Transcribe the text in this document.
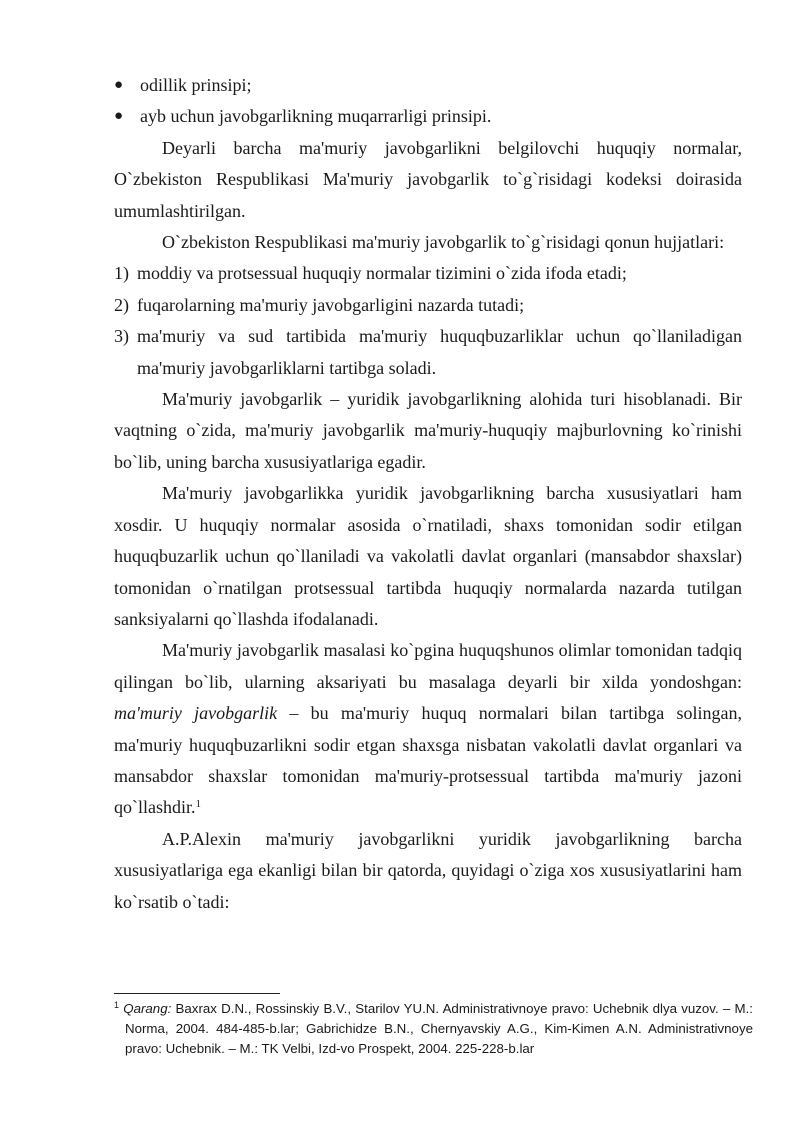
● odillik prinsipi;
● ayb uchun javobgarlikning muqarrarligi prinsipi.

Deyarli barcha ma'muriy javobgarlikni belgilovchi huquqiy normalar, O`zbekiston Respublikasi Ma'muriy javobgarlik to`g`risidagi kodeksi doirasida umumlashtirilgan.

O`zbekiston Respublikasi ma'muriy javobgarlik to`g`risidagi qonun hujjatlari:

1) moddiy va protsessual huquqiy normalar tizimini o`zida ifoda etadi;

2) fuqarolarning ma'muriy javobgarligini nazarda tutadi;

3) ma'muriy va sud tartibida ma'muriy huquqbuzarliklar uchun qo`llaniladigan ma'muriy javobgarliklarni tartibga soladi.

Ma'muriy javobgarlik – yuridik javobgarlikning alohida turi hisoblanadi. Bir vaqtning o`zida, ma'muriy javobgarlik ma'muriy-huquqiy majburlovning ko`rinishi bo`lib, uning barcha xususiyatlariga egadir.

Ma'muriy javobgarlikka yuridik javobgarlikning barcha xususiyatlari ham xosdir. U huquqiy normalar asosida o`rnatiladi, shaxs tomonidan sodir etilgan huquqbuzarlik uchun qo`llaniladi va vakolatli davlat organlari (mansabdor shaxslar) tomonidan o`rnatilgan protsessual tartibda huquqiy normalarda nazarda tutilgan sanksiyalarni qo`llashda ifodalanadi.

Ma'muriy javobgarlik masalasi ko`pgina huquqshunos olimlar tomonidan tadqiq qilingan bo`lib, ularning aksariyati bu masalaga deyarli bir xilda yondoshgan: ma'muriy javobgarlik – bu ma'muriy huquq normalari bilan tartibga solingan, ma'muriy huquqbuzarlikni sodir etgan shaxsga nisbatan vakolatli davlat organlari va mansabdor shaxslar tomonidan ma'muriy-protsessual tartibda ma'muriy jazoni qo`llashdir.$^1$

A.P.Alexin ma'muriy javobgarlikni yuridik javobgarlikning barcha xususiyatlariga ega ekanligi bilan bir qatorda, quyidagi o`ziga xos xususiyatlarini ham ko`rsatib o`tadi:

$^1$ Qarang: Baxrax D.N., Rossinskiy B.V., Starilov YU.N. Administrativnoye pravo: Uchebnik dlya vuzov. – M.: Norma, 2004. 484-485-b.lar; Gabrichidze B.N., Chernyavskiy A.G., Kim-Kimen A.N. Administrativnoye pravo: Uchebnik. – M.: TK Velbi, Izd-vo Prospekt, 2004. 225-228-b.lar
